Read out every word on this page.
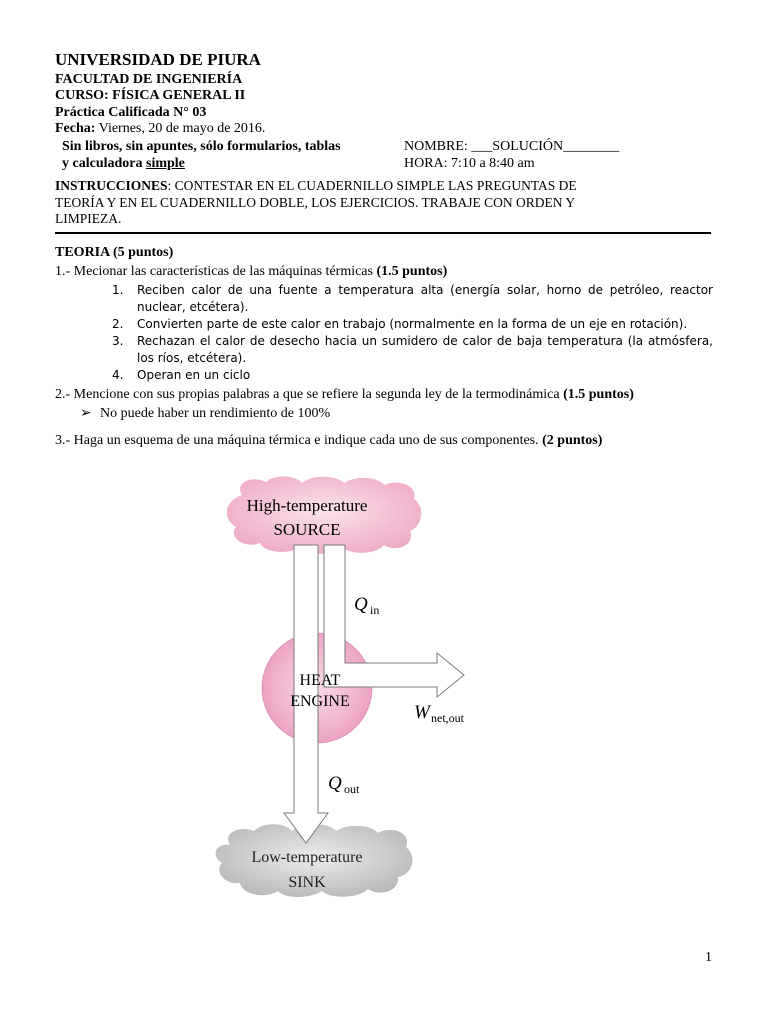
UNIVERSIDAD DE PIURA
FACULTAD DE INGENIERÍA
CURSO: FÍSICA GENERAL II
Práctica Calificada N° 03
Fecha: Viernes, 20 de mayo de 2016.
Sin libros, sin apuntes, sólo formularios, tablas
y calculadora simple
NOMBRE: ___SOLUCIÓN________
HORA: 7:10 a 8:40 am
INSTRUCCIONES: CONTESTAR EN EL CUADERNILLO SIMPLE LAS PREGUNTAS DE
TEORÍA Y EN EL CUADERNILLO DOBLE, LOS EJERCICIOS. TRABAJE CON ORDEN Y
LIMPIEZA.
TEORIA (5 puntos)
1.- Mecionar las características de las máquinas térmicas (1.5 puntos)
1. Reciben calor de una fuente a temperatura alta (energía solar, horno de petróleo, reactor
nuclear, etcétera).
2. Convierten parte de este calor en trabajo (normalmente en la forma de un eje en rotación).
3. Rechazan el calor de desecho hacia un sumidero de calor de baja temperatura (la atmósfera,
los ríos, etcétera).
4. Operan en un ciclo
2.- Mencione con sus propias palabras a que se refiere la segunda ley de la termodinámica (1.5 puntos)
➢ No puede haber un rendimiento de 100%
3.- Haga un esquema de una máquina térmica e indique cada uno de sus componentes. (2 puntos)
High-temperature
SOURCE
HEAT
ENGINE
Low-temperature
SINK
Q in
W net,out
Q out
1
